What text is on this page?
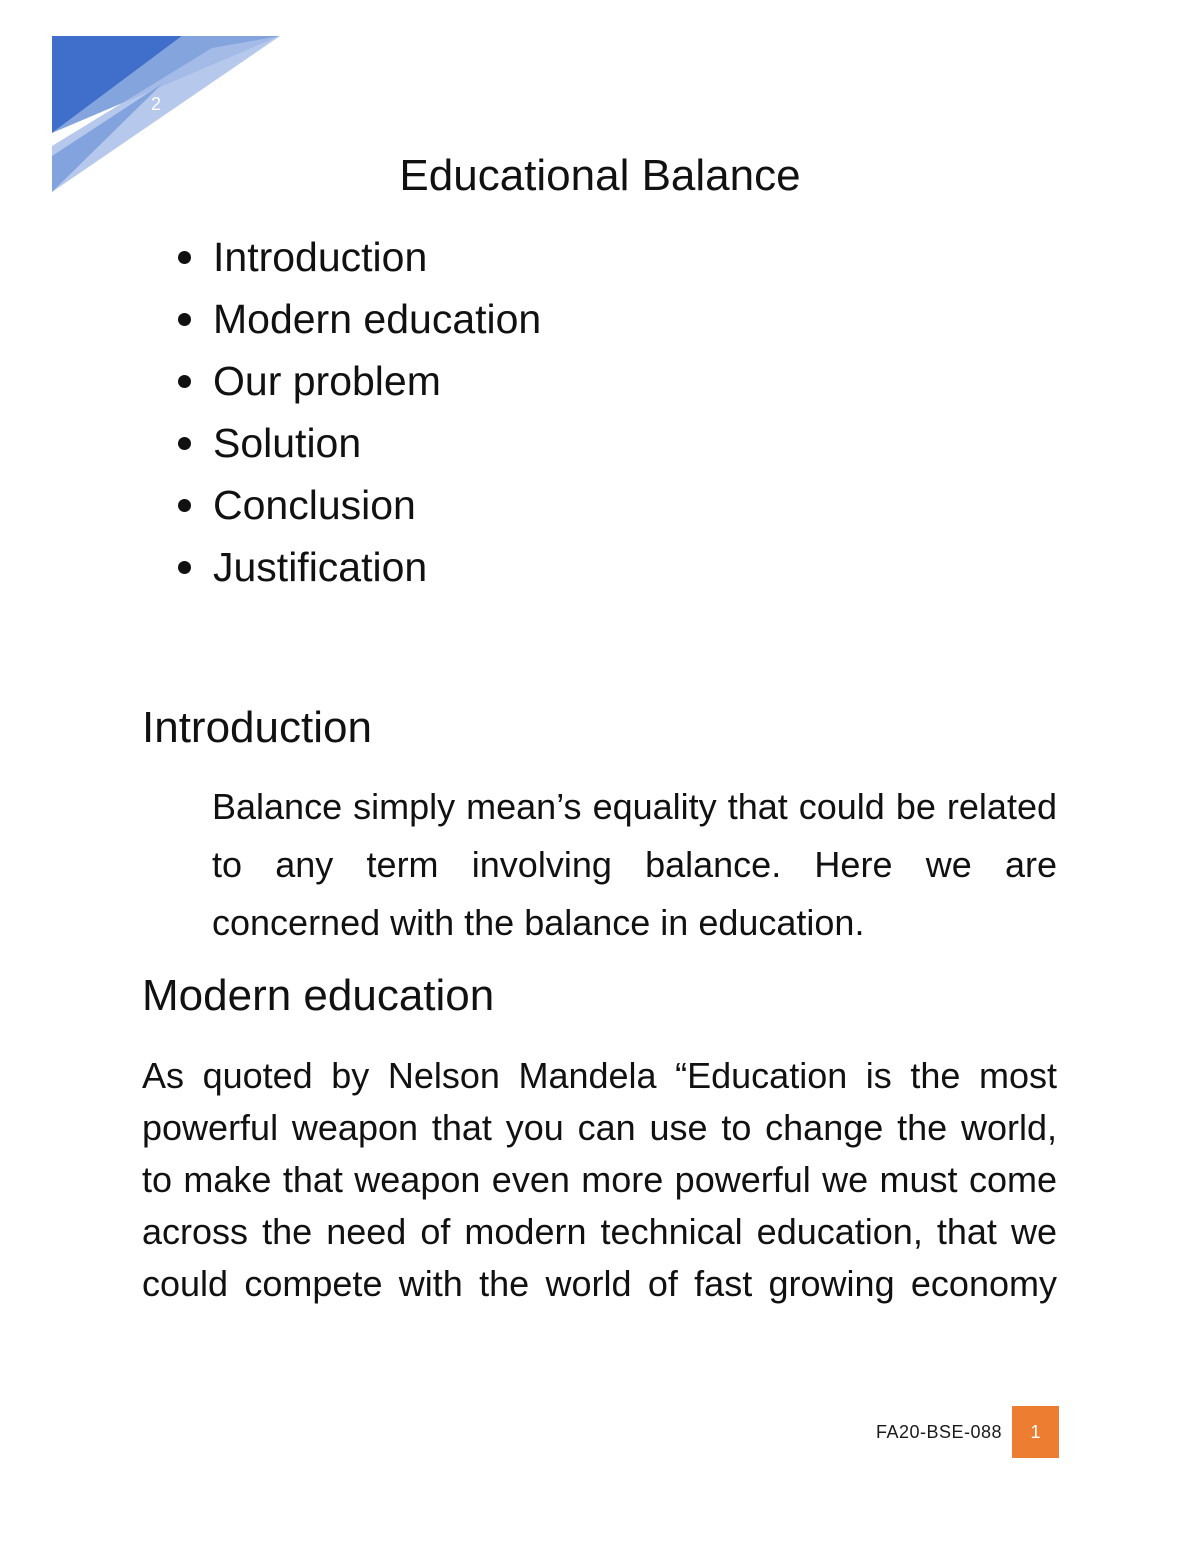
2
Educational Balance
Introduction
Modern education
Our problem
Solution
Conclusion
Justification
Introduction

Balance simply mean’s equality that could be related to any term involving balance. Here we are concerned with the balance in education.

Modern education

As quoted by Nelson Mandela “Education is the most powerful weapon that you can use to change the world, to make that weapon even more powerful we must come across the need of modern technical education, that we could compete with the world of fast growing economy

FA20-BSE-088	1
